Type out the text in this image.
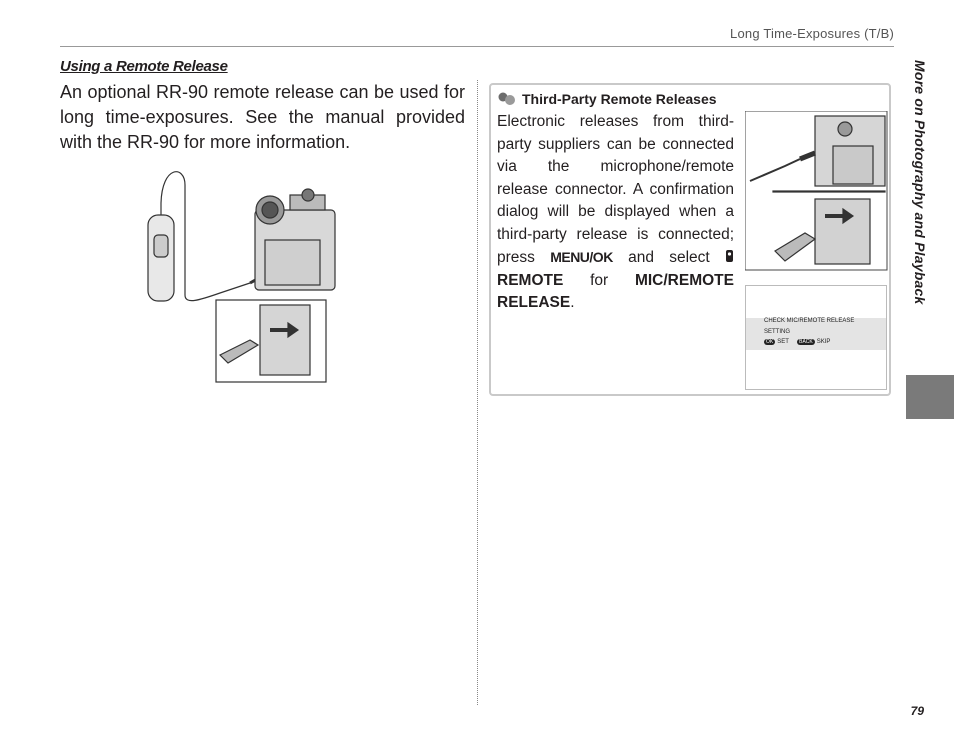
Long Time-Exposures (T/B)
Using a Remote Release
An optional RR-90 remote release can be used for long time-exposures. See the manual provided with the RR-90 for more information.
Third-Party Remote Releases
Electronic releases from third-party suppliers can be connected via the microphone/remote release connector. A confirmation dialog will be displayed when a third-party release is connected; press MENU/OK and select  REMOTE for MIC/REMOTE RELEASE.
CHECK MIC/REMOTE RELEASE
SETTING
OK SET BACK SKIP
More on Photography and Playback
79
